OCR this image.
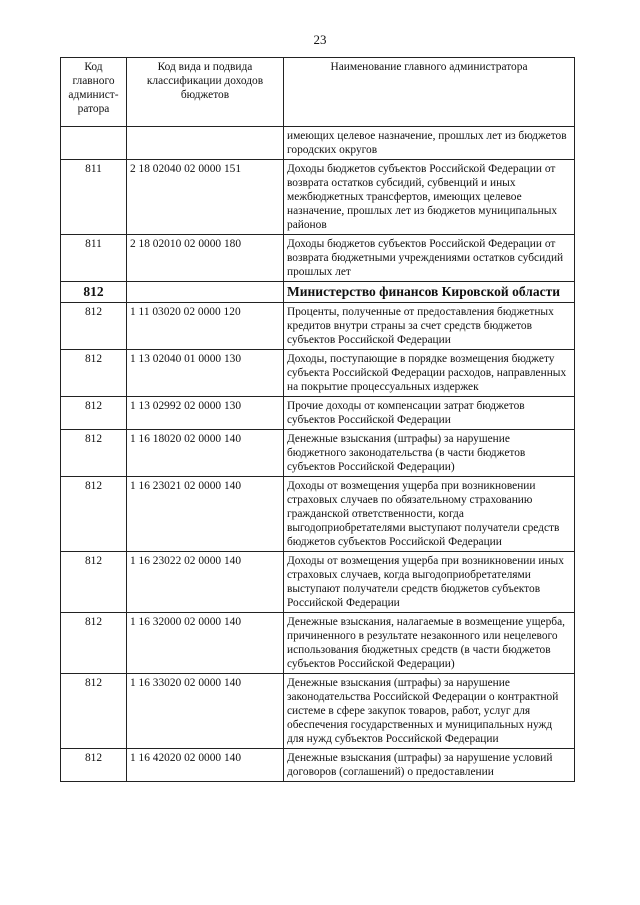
23
Код главного админист-ратора	Код вида и подвида классификации доходов бюджетов	Наименование главного администратора
		имеющих целевое назначение, прошлых лет из бюджетов городских округов
811	2 18 02040 02 0000 151	Доходы бюджетов субъектов Российской Федерации от возврата остатков субсидий, субвенций и иных межбюджетных трансфертов, имеющих целевое назначение, прошлых лет из бюджетов муниципальных районов
811	2 18 02010 02 0000 180	Доходы бюджетов субъектов Российской Федерации от возврата бюджетными учреждениями остатков субсидий прошлых лет
812		Министерство финансов Кировской области
812	1 11 03020 02 0000 120	Проценты, полученные от предоставления бюджетных кредитов внутри страны за счет средств бюджетов субъектов Российской Федерации
812	1 13 02040 01 0000 130	Доходы, поступающие в порядке возмещения бюджету субъекта Российской Федерации расходов, направленных на покрытие процессуальных издержек
812	1 13 02992 02 0000 130	Прочие доходы от компенсации затрат бюджетов субъектов Российской Федерации
812	1 16 18020 02 0000 140	Денежные взыскания (штрафы) за нарушение бюджетного законодательства (в части бюджетов субъектов Российской Федерации)
812	1 16 23021 02 0000 140	Доходы от возмещения ущерба при возникновении страховых случаев по обязательному страхованию гражданской ответственности, когда выгодоприобретателями выступают получатели средств бюджетов субъектов Российской Федерации
812	1 16 23022 02 0000 140	Доходы от возмещения ущерба при возникновении иных страховых случаев, когда выгодоприобретателями выступают получатели средств бюджетов субъектов Российской Федерации
812	1 16 32000 02 0000 140	Денежные взыскания, налагаемые в возмещение ущерба, причиненного в результате незаконного или нецелевого использования бюджетных средств (в части бюджетов субъектов Российской Федерации)
812	1 16 33020 02 0000 140	Денежные взыскания (штрафы) за нарушение законодательства Российской Федерации о контрактной системе в сфере закупок товаров, работ, услуг для обеспечения государственных и муниципальных нужд для нужд субъектов Российской Федерации
812	1 16 42020 02 0000 140	Денежные взыскания (штрафы) за нарушение условий договоров (соглашений) о предоставлении
